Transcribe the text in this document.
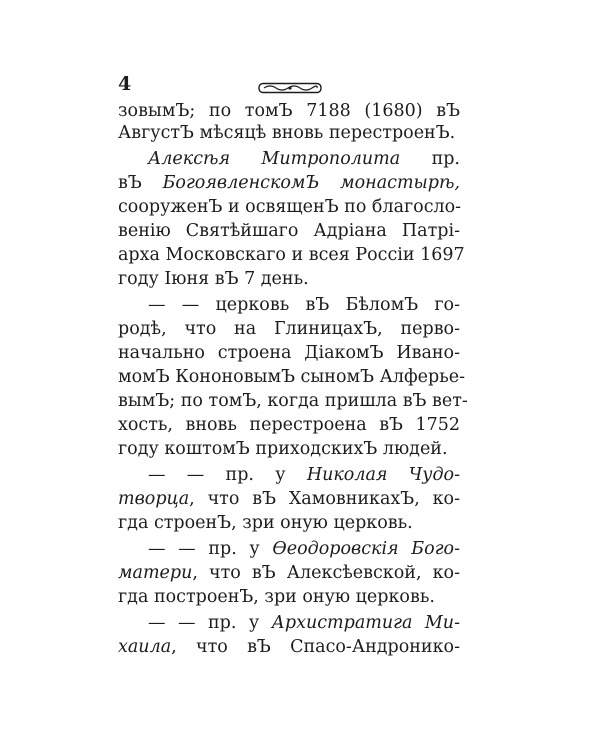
4
зовымЪ; по томЪ 7188 (1680) вЪ
АвгустЪ мѣсяцѣ вновь перестроенЪ.
Алексѣя Митрополита пр.
вЪ БогоявленскомЪ монастырѣ,
сооруженЪ и освященЪ по благосло-
венію Святѣйшаго Адріана Патрі-
арха Московскаго и всея Россіи 1697
году Іюня вЪ 7 день.
— — церковь вЪ БѣломЪ го-
родѣ, что на ГлиницахЪ, перво-
начально строена ДіакомЪ Ивано-
момЪ КононовымЪ сыномЪ Алферье-
вымЪ; по томЪ, когда пришла вЪ вет-
хость, вновь перестроена вЪ 1752
году коштомЪ приходскихЪ людей.
— — пр. у Николая Чудо-
творца, что вЪ ХамовникахЪ, ко-
гда строенЪ, зри оную церковь.
— — пр. у Ѳеодоровскія Бого-
матери, что вЪ Алексѣевской, ко-
гда построенЪ, зри оную церковь.
— — пр. у Архистратига Ми-
хаила, что вЪ Спасо-Андронико-
